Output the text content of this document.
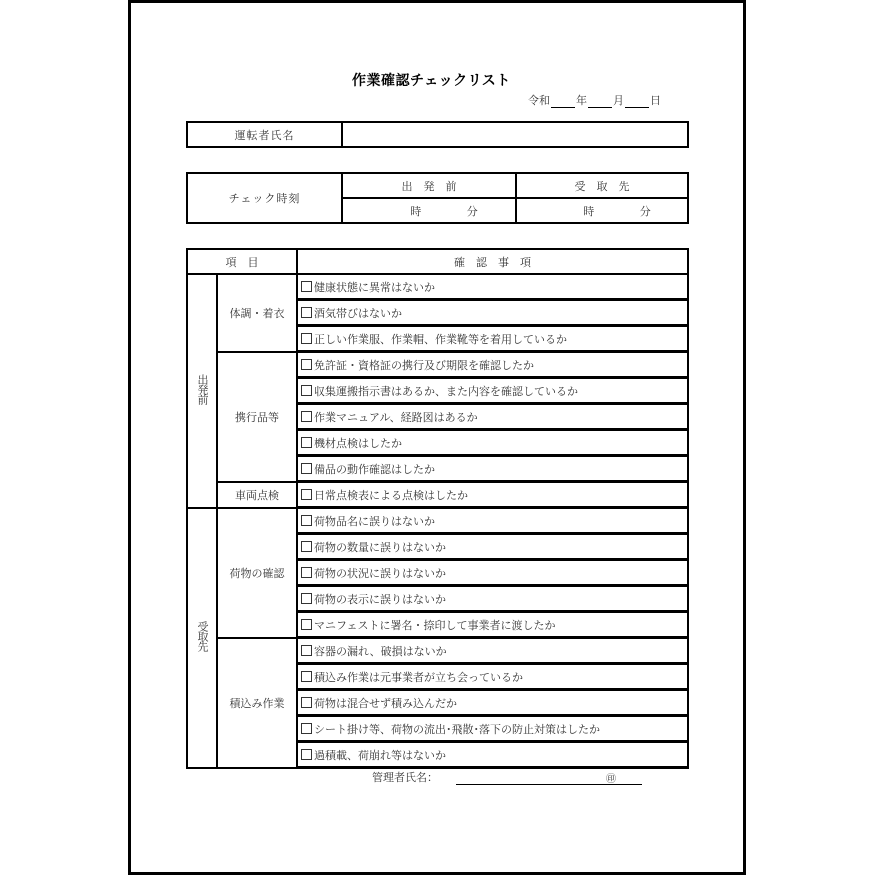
作業確認チェックリスト
令和 年 月 日
運転者氏名	
チェック時刻	出　発　前	受　取　先
	時 分	時 分
項　目		確　認　事　項
出発前	体調・着衣	健康状態に異常はないか
		酒気帯びはないか
		正しい作業服、作業帽、作業靴等を着用しているか
	携行品等	免許証・資格証の携行及び期限を確認したか
		収集運搬指示書はあるか、また内容を確認しているか
		作業マニュアル、経路図はあるか
		機材点検はしたか
		備品の動作確認はしたか
	車両点検	日常点検表による点検はしたか
受取先	荷物の確認	荷物品名に誤りはないか
		荷物の数量に誤りはないか
		荷物の状況に誤りはないか
		荷物の表示に誤りはないか
		マニフェストに署名・捺印して事業者に渡したか
	積込み作業	容器の漏れ、破損はないか
		積込み作業は元事業者が立ち会っているか
		荷物は混合せず積み込んだか
		シート掛け等、荷物の流出･飛散･落下の防止対策はしたか
		過積載、荷崩れ等はないか
管理者氏名：	㊞
